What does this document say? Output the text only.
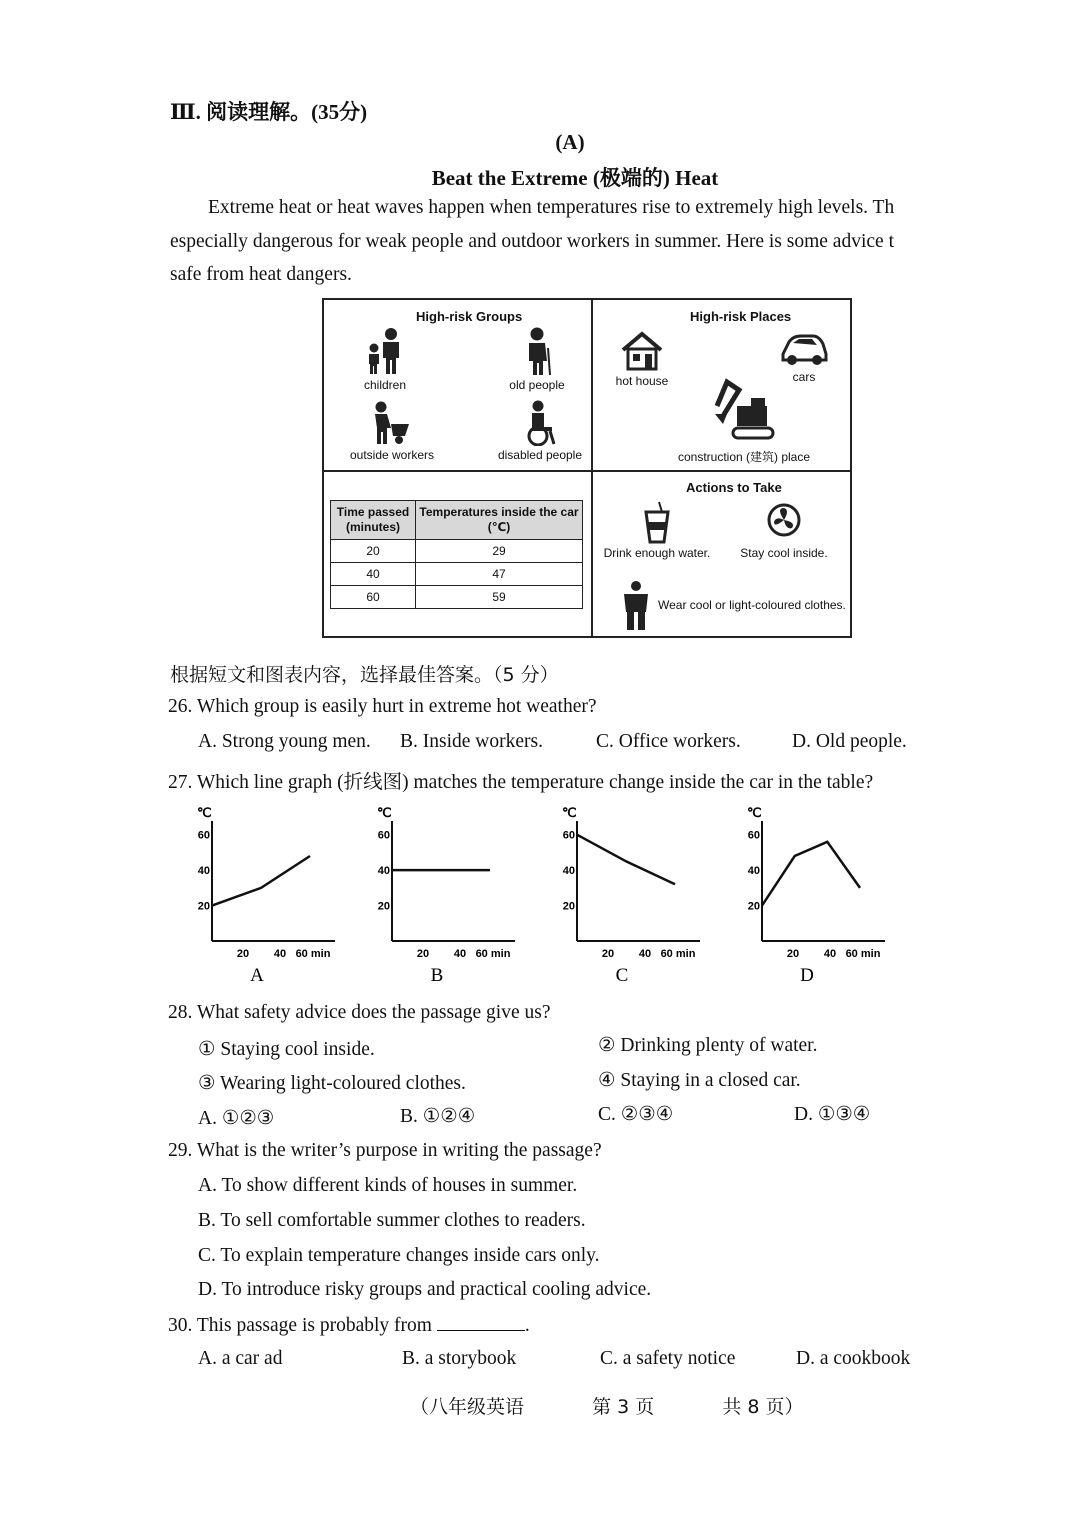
Ⅲ. 阅读理解。(35分)
(A)
Beat the Extreme (极端的) Heat
Extreme heat or heat waves happen when temperatures rise to extremely high levels. Th
especially dangerous for weak people and outdoor workers in summer. Here is some advice t
safe from heat dangers.
High-risk Groups
children	old people
outside workers	disabled people
High-risk Places
hot house	cars
construction (建筑) place
Time passed (minutes)	Temperatures inside the car (℃)
20	29
40	47
60	59
Actions to Take
Drink enough water.	Stay cool inside.
Wear cool or light-coloured clothes.
根据短文和图表内容，选择最佳答案。（5 分）
26. Which group is easily hurt in extreme hot weather?
A. Strong young men. B. Inside workers.	C. Office workers.	D. Old people.
27. Which line graph (折线图) matches the temperature change inside the car in the table?
℃
20
40
60
20 40 60 min
A
℃
20
40
60
20 40 60 min
B
℃
20
40
60
20 40 60 min
C
℃
20
40
60
20 40 60 min
D
28. What safety advice does the passage give us?
① Staying cool inside.	② Drinking plenty of water.
③ Wearing light-coloured clothes.	④ Staying in a closed car.
A. ①②③	B. ①②④	C. ②③④	D. ①③④
29. What is the writer’s purpose in writing the passage?
A. To show different kinds of houses in summer.
B. To sell comfortable summer clothes to readers.
C. To explain temperature changes inside cars only.
D. To introduce risky groups and practical cooling advice.
30. This passage is probably from	.
A. a car ad	B. a storybook	C. a safety notice	D. a cookbook
（八年级英语	第 3 页	共 8 页）
